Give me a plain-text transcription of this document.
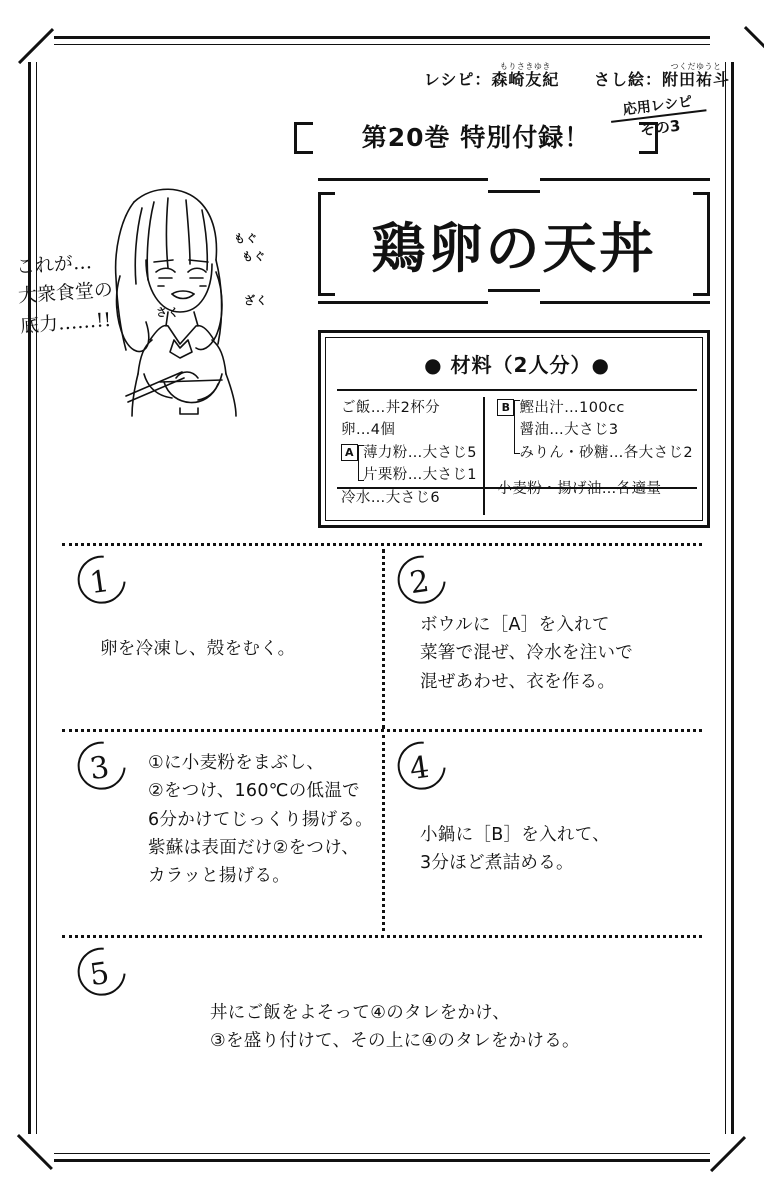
レシピ：森崎友紀もりさきゆき さし絵：附田祐斗つくだゆうと
第20巻 特別付録！
応用レシピ
その3
鶏卵の天丼
もぐ
もぐ
さく
ざく
これが…
大衆食堂の
底力……!!
● 材料（2人分）●
ご飯…丼2杯分
卵…4個
A 薄力粉…大さじ5
片栗粉…大さじ1
冷水…大さじ6
B 鰹出汁…100cc
醤油…大さじ3
みりん・砂糖…各大さじ2
小麦粉・揚げ油…各適量
1
卵を冷凍し、殻をむく。
2
ボウルに［A］を入れて
菜箸で混ぜ、冷水を注いで
混ぜあわせ、衣を作る。
3 ①に小麦粉をまぶし、
②をつけ、160℃の低温で
6分かけてじっくり揚げる。
紫蘇は表面だけ②をつけ、
カラッと揚げる。
4
小鍋に［B］を入れて、
3分ほど煮詰める。
5
丼にご飯をよそって④のタレをかけ、
③を盛り付けて、その上に④のタレをかける。
